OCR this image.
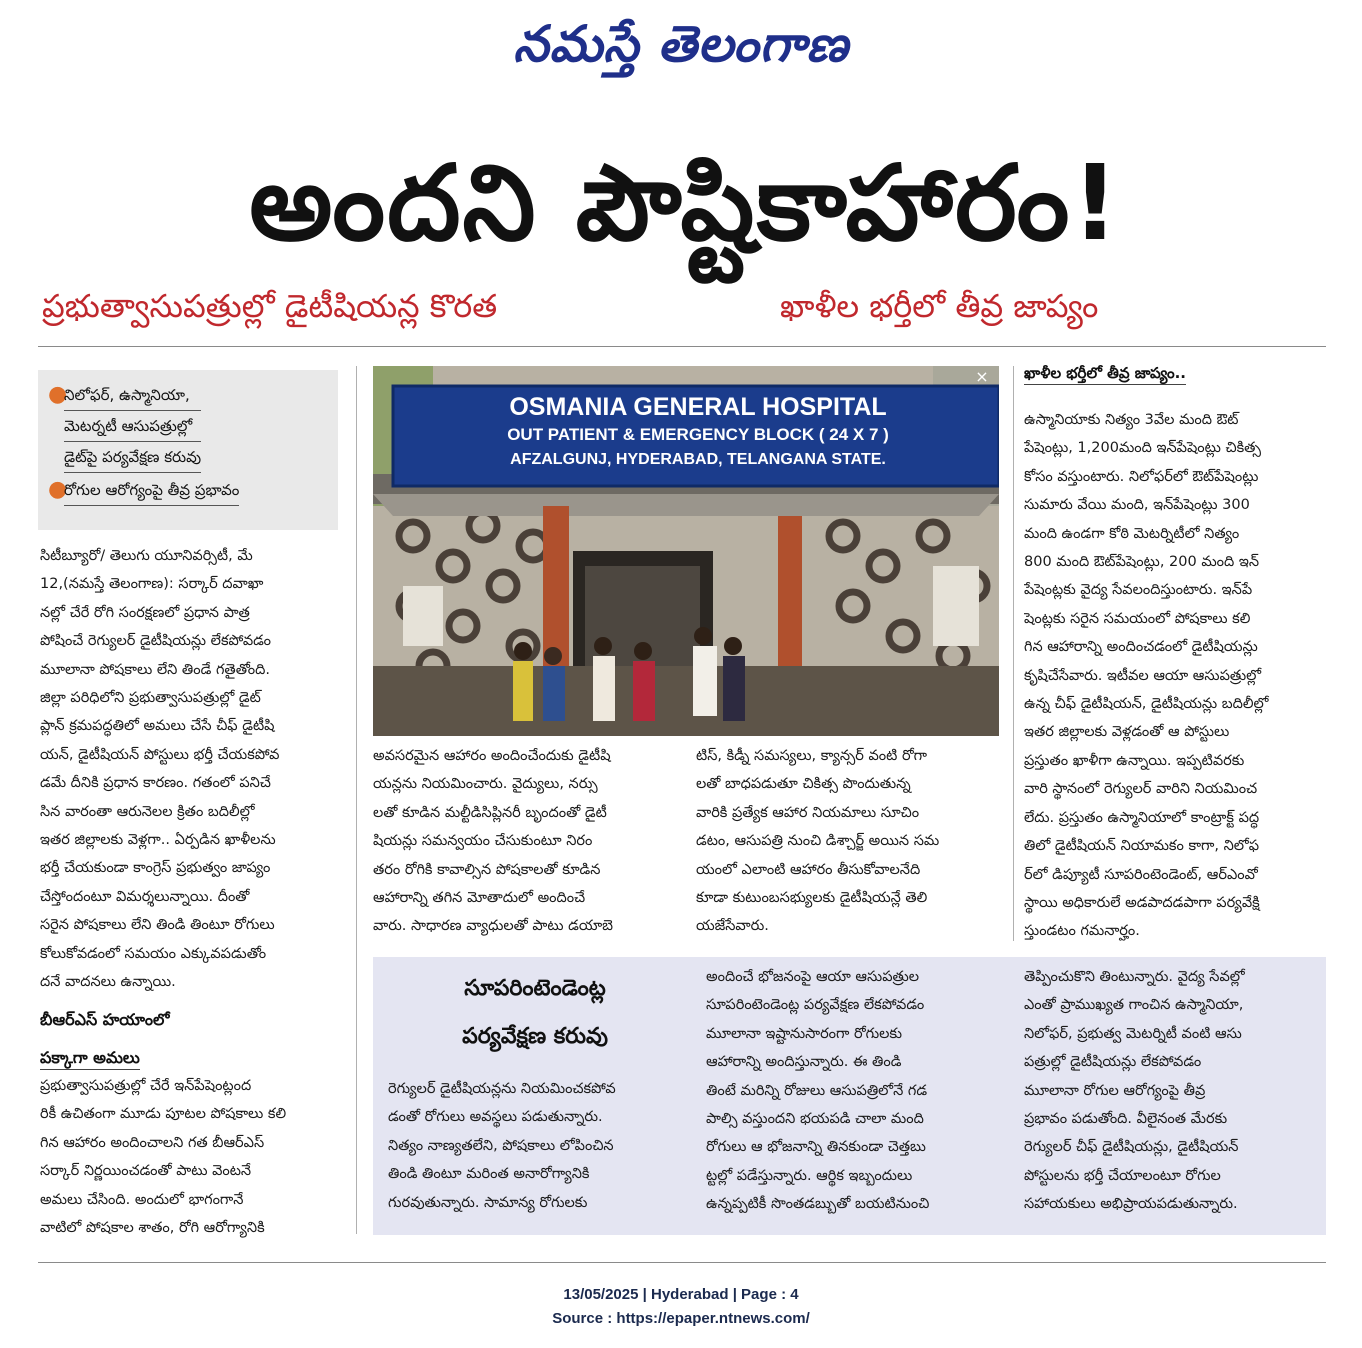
నమస్తే తెలంగాణ
అందని పౌష్టికాహారం!
ప్రభుత్వాసుపత్రుల్లో డైటీషియన్ల కొరత	ఖాళీల భర్తీలో తీవ్ర జాప్యం
●
నిలోఫర్‌, ఉస్మానియా,
మెటర్నటీ ఆసుపత్రుల్లో
డైట్‌పై పర్యవేక్షణ కరువు
●
రోగుల ఆరోగ్యంపై తీవ్ర ప్రభావం
సిటీబ్యూరో/ తెలుగు యూనివర్సిటీ, మే
12,(నమస్తే తెలంగాణ): సర్కార్‌ దవాఖా
నల్లో చేరే రోగి సంరక్షణలో ప్రధాన పాత్ర
పోషించే రెగ్యులర్‌ డైటీషియన్లు లేకపోవడం
మూలానా పోషకాలు లేని తిండే గతైతోంది.
జిల్లా పరిధిలోని ప్రభుత్వాసుపత్రుల్లో డైట్‌
ప్లాన్‌ క్రమపద్ధతిలో అమలు చేసే చీఫ్‌ డైటీషి
యన్‌, డైటీషియన్‌ పోస్టులు భర్తీ చేయకపోవ
డమే దీనికి ప్రధాన కారణం. గతంలో పనిచే
సిన వారంతా ఆరునెలల క్రితం బదిలీల్లో
ఇతర జిల్లాలకు వెళ్లగా.. ఏర్పడిన ఖాళీలను
భర్తీ చేయకుండా కాంగ్రెస్‌ ప్రభుత్వం జాప్యం
చేస్తోందంటూ విమర్శలున్నాయి. దీంతో
సరైన పోషకాలు లేని తిండి తింటూ రోగులు
కోలుకోవడంలో సమయం ఎక్కువపడుతోం
దనే వాదనలు ఉన్నాయి.
బీఆర్‌ఎస్‌ హయాంలో
పక్కాగా అమలు
ప్రభుత్వాసుపత్రుల్లో చేరే ఇన్‌పేషెంట్లంద
రికీ ఉచితంగా మూడు పూటల పోషకాలు కలి
గిన ఆహారం అందించాలని గత బీఆర్‌ఎస్‌
సర్కార్‌ నిర్ణయించడంతో పాటు వెంటనే
అమలు చేసింది. అందులో భాగంగానే
వాటిలో పోషకాల శాతం, రోగి ఆరోగ్యానికి
OSMANIA GENERAL HOSPITAL
OUT PATIENT & EMERGENCY BLOCK ( 24 X 7 )
AFZALGUNJ, HYDERABAD, TELANGANA STATE.
×
అవసరమైన ఆహారం అందించేందుకు డైటీషి
యన్లను నియమించారు. వైద్యులు, నర్సు
లతో కూడిన మల్టీడిసిప్లినరీ బృందంతో డైటీ
షియన్లు సమన్వయం చేసుకుంటూ నిరం
తరం రోగికి కావాల్సిన పోషకాలతో కూడిన
ఆహారాన్ని తగిన మోతాదులో అందించే
వారు. సాధారణ వ్యాధులతో పాటు డయాబె
టిస్‌, కిడ్నీ సమస్యలు, క్యాన్సర్‌ వంటి రోగా
లతో బాధపడుతూ చికిత్స పొందుతున్న
వారికి ప్రత్యేక ఆహార నియమాలు సూచిం
డటం, ఆసుపత్రి నుంచి డిశ్చార్జ్‌ అయిన సమ
యంలో ఎలాంటి ఆహారం తీసుకోవాలనేది
కూడా కుటుంబసభ్యులకు డైటీషియన్లే తెలి
యజేసేవారు.
ఖాళీల భర్తీలో తీవ్ర జాప్యం..
ఉస్మానియాకు నిత్యం 3వేల మంది ఔట్‌
పేషెంట్లు, 1,200మంది ఇన్‌పేషెంట్లు చికిత్స
కోసం వస్తుంటారు. నిలోఫర్‌లో ఔట్‌పేషెంట్లు
సుమారు వేయి మంది, ఇన్‌పేషెంట్లు 300
మంది ఉండగా కోఠి మెటర్నిటీలో నిత్యం
800 మంది ఔట్‌పేషెంట్లు, 200 మంది ఇన్‌
పేషెంట్లకు వైద్య సేవలందిస్తుంటారు. ఇన్‌పే
షెంట్లకు సరైన సమయంలో పోషకాలు కలి
గిన ఆహారాన్ని అందించడంలో డైటీషియన్లు
కృషిచేసేవారు. ఇటీవల ఆయా ఆసుపత్రుల్లో
ఉన్న చీఫ్‌ డైటీషియన్‌, డైటీషియన్లు బదిలీల్లో
ఇతర జిల్లాలకు వెళ్లడంతో ఆ పోస్టులు
ప్రస్తుతం ఖాళీగా ఉన్నాయి. ఇప్పటివరకు
వారి స్థానంలో రెగ్యులర్‌ వారిని నియమించ
లేదు. ప్రస్తుతం ఉస్మానియాలో కాంట్రాక్ట్‌ పద్ధ
తిలో డైటీషియన్‌ నియామకం కాగా, నిలోఫ
ర్‌లో డిప్యూటీ సూపరింటెండెంట్‌, ఆర్‌ఎంవో
స్థాయి అధికారులే అడపాదడపాగా పర్యవేక్షి
స్తుండటం గమనార్హం.
సూపరింటెండెంట్ల
పర్యవేక్షణ కరువు
రెగ్యులర్‌ డైటీషియన్లను నియమించకపోవ
డంతో రోగులు అవస్థలు పడుతున్నారు.
నిత్యం నాణ్యతలేని, పోషకాలు లోపించిన
తిండి తింటూ మరింత అనారోగ్యానికి
గురవుతున్నారు. సామాన్య రోగులకు
అందించే భోజనంపై ఆయా ఆసుపత్రుల
సూపరింటెండెంట్ల పర్యవేక్షణ లేకపోవడం
మూలానా ఇష్టానుసారంగా రోగులకు
ఆహారాన్ని అందిస్తున్నారు. ఈ తిండి
తింటే మరిన్ని రోజులు ఆసుపత్రిలోనే గడ
పాల్సి వస్తుందని భయపడి చాలా మంది
రోగులు ఆ భోజనాన్ని తినకుండా చెత్తబు
ట్టల్లో పడేస్తున్నారు. ఆర్థిక ఇబ్బందులు
ఉన్నప్పటికీ సొంతడబ్బుతో బయటినుంచి
తెప్పించుకొని తింటున్నారు. వైద్య సేవల్లో
ఎంతో ప్రాముఖ్యత గాంచిన ఉస్మానియా,
నిలోఫర్‌, ప్రభుత్వ మెటర్నిటీ వంటి ఆసు
పత్రుల్లో డైటీషియన్లు లేకపోవడం
మూలానా రోగుల ఆరోగ్యంపై తీవ్ర
ప్రభావం పడుతోంది. వీలైనంత మేరకు
రెగ్యులర్‌ చీఫ్‌ డైటీషియన్లు, డైటీషియన్‌
పోస్టులను భర్తీ చేయాలంటూ రోగుల
సహాయకులు అభిప్రాయపడుతున్నారు.
13/05/2025 | Hyderabad | Page : 4
Source : https://epaper.ntnews.com/
